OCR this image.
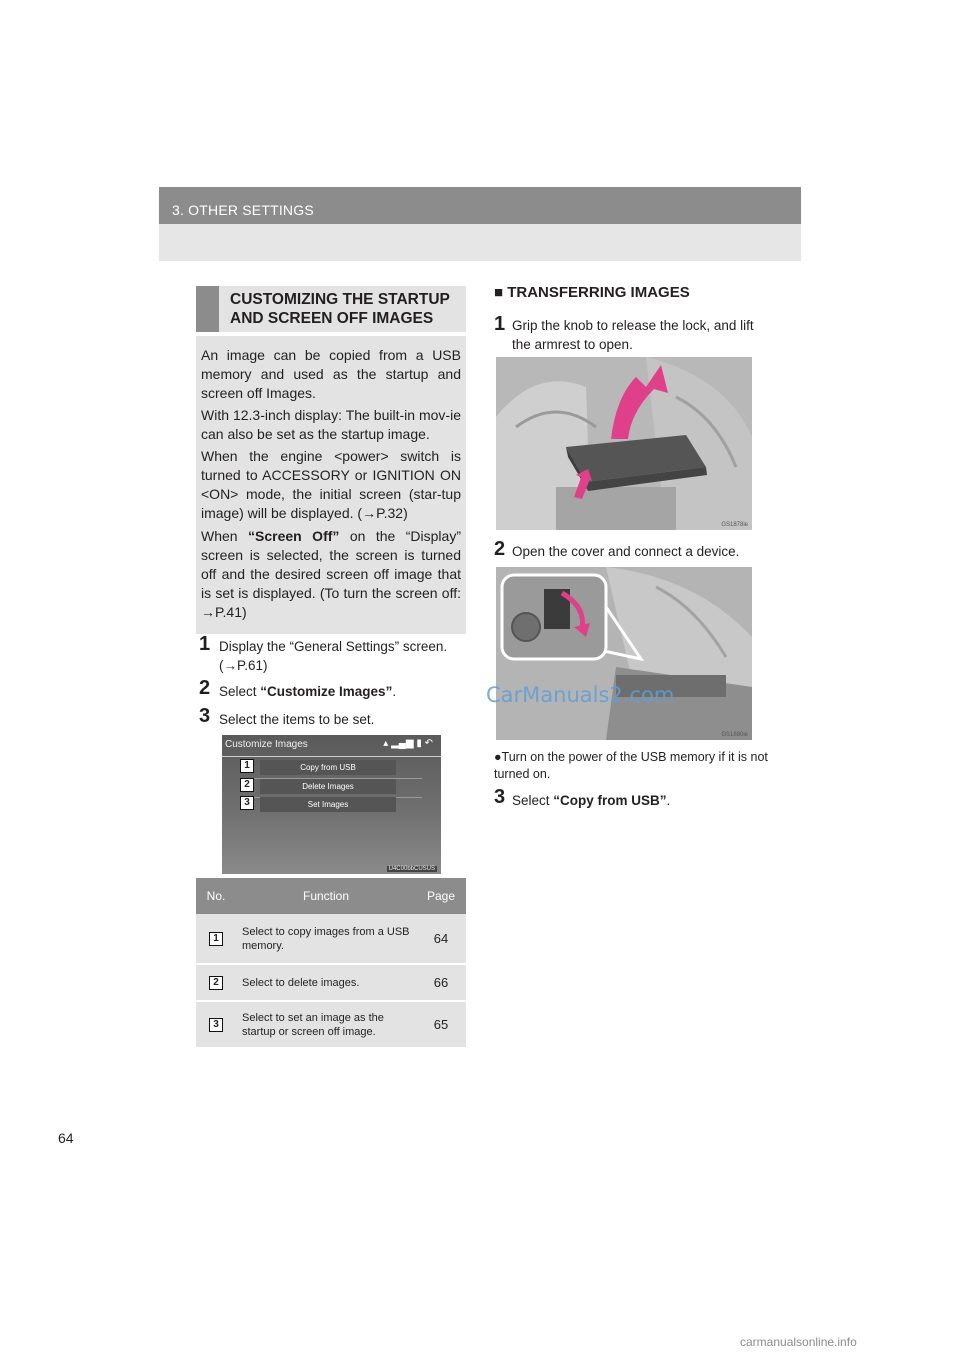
3. OTHER SETTINGS
CUSTOMIZING THE STARTUP AND SCREEN OFF IMAGES

An image can be copied from a USB memory and used as the startup and screen off Images.

With 12.3-inch display: The built-in mov-ie can also be set as the startup image.

When the engine <power> switch is turned to ACCESSORY or IGNITION ON <ON> mode, the initial screen (star-tup image) will be displayed. (→P.32)

When “Screen Off” on the “Display” screen is selected, the screen is turned off and the desired screen off image that is set is displayed. (To turn the screen off: →P.41)

1 Display the “General Settings” screen. (→P.61)
2 Select “Customize Images”.
3 Select the items to be set.
Customize Images	▴ ▂▄▆ ▮ ↶
Copy from USB
Delete Images
Set Images
1
2
3
U4C00bbCUSUS
No.	Function	Page
1	Select to copy images from a USB memory.	64
2	Select to delete images.	66
3	Select to set an image as the startup or screen off image.	65
■ TRANSFERRING IMAGES
1 Grip the knob to release the lock, and lift the armrest to open.
GS1878ie
2 Open the cover and connect a device.
GS1880ie
CarManuals2.com
●Turn on the power of the USB memory if it is not turned on.
3 Select “Copy from USB”.
64
carmanualsonline.info
